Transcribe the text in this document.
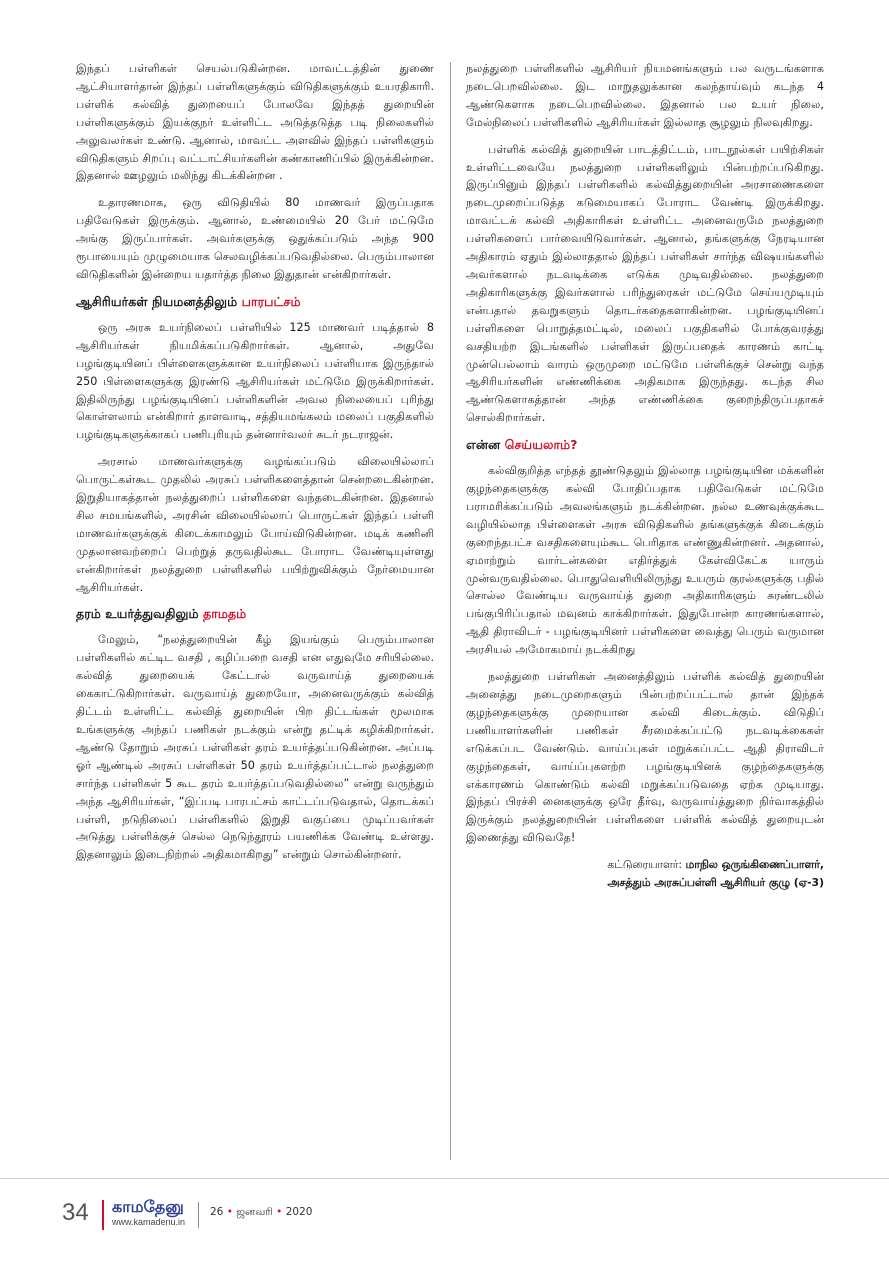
இந்தப் பள்ளிகள் செயல்படுகின்றன. மாவட்டத்தின் துணை ஆட்சியாளர்தான் இந்தப் பள்ளிகளுக்கும் விடுதிகளுக்கும் உயரதிகாரி. பள்ளிக் கல்வித் துறையைப் போலவே இந்தத் துறையின் பள்ளிகளுக்கும் இயக்குநர் உள்ளிட்ட அடுத்தடுத்த படி நிலைகளில் அலுவலர்கள் உண்டு. ஆனால், மாவட்ட அளவில் இந்தப் பள்ளிகளும் விடுதிகளும் சிறப்பு வட்டாட்சியர்களின் கண்காணிப்பில் இருக்கின்றன. இதனால் ஊழலும் மலிந்து கிடக்கின்றன .

உதாரணமாக, ஒரு விடுதியில் 80 மாணவர் இருப்பதாக பதிவேடுகள் இருக்கும். ஆனால், உண்மையில் 20 பேர் மட்டுமே அங்கு இருப்பார்கள். அவர்களுக்கு ஒதுக்கப்படும் அந்த 900 ரூபாயையும் முழுமையாக செலவழிக்கப்படுவதில்லை. பெரும்பாலான விடுதிகளின் இன்றைய யதார்த்த நிலை இதுதான் என்கிறார்கள்.

ஆசிரியர்கள் நியமனத்திலும் பாரபட்சம்

ஒரு அரசு உயர்நிலைப் பள்ளியில் 125 மாணவர் படித்தால் 8 ஆசிரியர்கள் நியமிக்கப்படுகிறார்கள். ஆனால், அதுவே பழங்குடியினப் பிள்ளைகளுக்கான உயர்நிலைப் பள்ளியாக இருந்தால் 250 பிள்ளைகளுக்கு இரண்டு ஆசிரியர்கள் மட்டுமே இருக்கிறார்கள். இதிலிருந்து பழங்குடியினப் பள்ளிகளின் அவல நிலையைப் புரிந்து கொள்ளலாம் என்கிறார் தாளவாடி, சத்தியமங்கலம் மலைப் பகுதிகளில் பழங்குடிகளுக்காகப் பணிபுரியும் தன்னார்வலர் சுடர் நடராஜன்.

அரசால் மாணவர்களுக்கு வழங்கப்படும் விலையில்லாப் பொருட்கள்கூட முதலில் அரசுப் பள்ளிகளைத்தான் சென்றடைகின்றன. இறுதியாகத்தான் நலத்துறைப் பள்ளிகளை வந்தடைகின்றன. இதனால் சில சமயங்களில், அரசின் விலையில்லாப் பொருட்கள் இந்தப் பள்ளி மாணவர்களுக்குக் கிடைக்காமலும் போய்விடுகின்றன. மடிக் கணினி முதலானவற்றைப் பெற்றுத் தருவதில்கூட போராட வேண்டியுள்ளது என்கிறார்கள் நலத்துறை பள்ளிகளில் பயிற்றுவிக்கும் நேர்மையான ஆசிரியர்கள்.

தரம் உயர்த்துவதிலும் தாமதம்

மேலும், “நலத்துறையின் கீழ் இயங்கும் பெரும்பாலான பள்ளிகளில் கட்டிட வசதி , கழிப்பறை வசதி என எதுவுமே சரியில்லை. கல்வித் துறையைக் கேட்டால் வருவாய்த் துறையைக் கைகாட்டுகிறார்கள். வருவாய்த் துறையோ, அனைவருக்கும் கல்வித் திட்டம் உள்ளிட்ட கல்வித் துறையின் பிற திட்டங்கள் மூலமாக உங்களுக்கு அந்தப் பணிகள் நடக்கும் என்று தட்டிக் கழிக்கிறார்கள். ஆண்டு தோறும் அரசுப் பள்ளிகள் தரம் உயர்த்தப்படுகின்றன. அப்படி ஓர் ஆண்டில் அரசுப் பள்ளிகள் 50 தரம் உயர்த்தப்பட்டால் நலத்துறை சார்ந்த பள்ளிகள் 5 கூட தரம் உயர்த்தப்படுவதில்லை” என்று வருந்தும் அந்த ஆசிரியர்கள், “இப்படி பாரபட்சம் காட்டப்படுவதால், தொடக்கப் பள்ளி, நடுநிலைப் பள்ளிகளில் இறுதி வகுப்பை முடிப்பவர்கள் அடுத்து பள்ளிக்குச் செல்ல நெடுந்தூரம் பயணிக்க வேண்டி உள்ளது. இதனாலும் இடைநிற்றல் அதிகமாகிறது” என்றும் சொல்கின்றனர்.

நலத்துறை பள்ளிகளில் ஆசிரியர் நியமனங்களும் பல வருடங்களாக நடைபெறவில்லை. இட மாறுதலுக்கான கலந்தாய்வும் கடந்த 4 ஆண்டுகளாக நடைபெறவில்லை. இதனால் பல உயர் நிலை, மேல்நிலைப் பள்ளிகளில் ஆசிரியர்கள் இல்லாத சூழலும் நிலவுகிறது.

பள்ளிக் கல்வித் துறையின் பாடத்திட்டம், பாடநூல்கள் பயிற்சிகள் உள்ளிட்டவையே நலத்துறை பள்ளிகளிலும் பின்பற்றப்படுகிறது. இருப்பினும் இந்தப் பள்ளிகளில் கல்வித்துறையின் அரசாணைகளை நடைமுறைப்படுத்த கடுமையாகப் போராட வேண்டி இருக்கிறது. மாவட்டக் கல்வி அதிகாரிகள் உள்ளிட்ட அனைவருமே நலத்துறை பள்ளிகளைப் பார்வையிடுவார்கள். ஆனால், தங்களுக்கு நேரடியான அதிகாரம் ஏதும் இல்லாததால் இந்தப் பள்ளிகள் சார்ந்த விஷயங்களில் அவர்களால் நடவடிக்கை எடுக்க முடிவதில்லை. நலத்துறை அதிகாரிகளுக்கு இவர்களால் பரிந்துரைகள் மட்டுமே செய்யமுடியும் என்பதால் தவறுகளும் தொடர்கதைகளாகின்றன. பழங்குடியினப் பள்ளிகளை பொறுத்தமட்டில், மலைப் பகுதிகளில் போக்குவரத்து வசதியற்ற இடங்களில் பள்ளிகள் இருப்பதைக் காரணம் காட்டி முன்பெல்லாம் வாரம் ஒருமுறை மட்டுமே பள்ளிக்குச் சென்று வந்த ஆசிரியர்களின் எண்ணிக்கை அதிகமாக இருந்தது. கடந்த சில ஆண்டுகளாகத்தான் அந்த எண்ணிக்கை குறைந்திருப்பதாகச் சொல்கிறார்கள்.

என்ன செய்யலாம்?

கல்விகுறித்த எந்தத் தூண்டுதலும் இல்லாத பழங்குடியின மக்களின் குழந்தைகளுக்கு கல்வி போதிப்பதாக பதிவேடுகள் மட்டுமே பராமரிக்கப்படும் அவலங்களும் நடக்கின்றன. நல்ல உணவுக்குக்கூட வழியில்லாத பிள்ளைகள் அரசு விடுதிகளில் தங்களுக்குக் கிடைக்கும் குறைந்தபட்ச வசதிகளையும்கூட பெரிதாக எண்ணுகின்றனர். அதனால், ஏமாற்றும் வார்டன்களை எதிர்த்துக் கேள்விகேட்க யாரும் முன்வருவதில்லை. பொதுவெளியிலிருந்து உயரும் குரல்களுக்கு பதில் சொல்ல வேண்டிய வருவாய்த் துறை அதிகாரிகளும் சுரண்டலில் பங்குபிரிப்பதால் மவுனம் காக்கிறார்கள். இதுபோன்ற காரணங்களால், ஆதி திராவிடர் - பழங்குடியினர் பள்ளிகளை வைத்து பெரும் வருமான அரசியல் அமோகமாய் நடக்கிறது

நலத்துறை பள்ளிகள் அனைத்திலும் பள்ளிக் கல்வித் துறையின் அனைத்து நடைமுறைகளும் பின்பற்றப்பட்டால் தான் இந்தக் குழந்தைகளுக்கு முறையான கல்வி கிடைக்கும். விடுதிப் பணியாளர்களின் பணிகள் சீரமைக்கப்பட்டு நடவடிக்கைகள் எடுக்கப்பட வேண்டும். வாய்ப்புகள் மறுக்கப்பட்ட ஆதி திராவிடர் குழந்தைகள், வாய்ப்புகளற்ற பழங்குடியினக் குழந்தைகளுக்கு எக்காரணம் கொண்டும் கல்வி மறுக்கப்படுவதை ஏற்க முடியாது. இந்தப் பிரச்சி னைகளுக்கு ஒரே தீர்வு, வருவாய்த்துறை நிர்வாகத்தில் இருக்கும் நலத்துறையின் பள்ளிகளை பள்ளிக் கல்வித் துறையுடன் இணைத்து விடுவதே!

கட்டுரையாளர்: மாநில ஒருங்கிணைப்பாளர்,
அசத்தும் அரசுப்பள்ளி ஆசிரியர் குழு (ஏ-3)
34 காமதேனு
www.kamadenu.in
26 • ஜனவரி • 2020
